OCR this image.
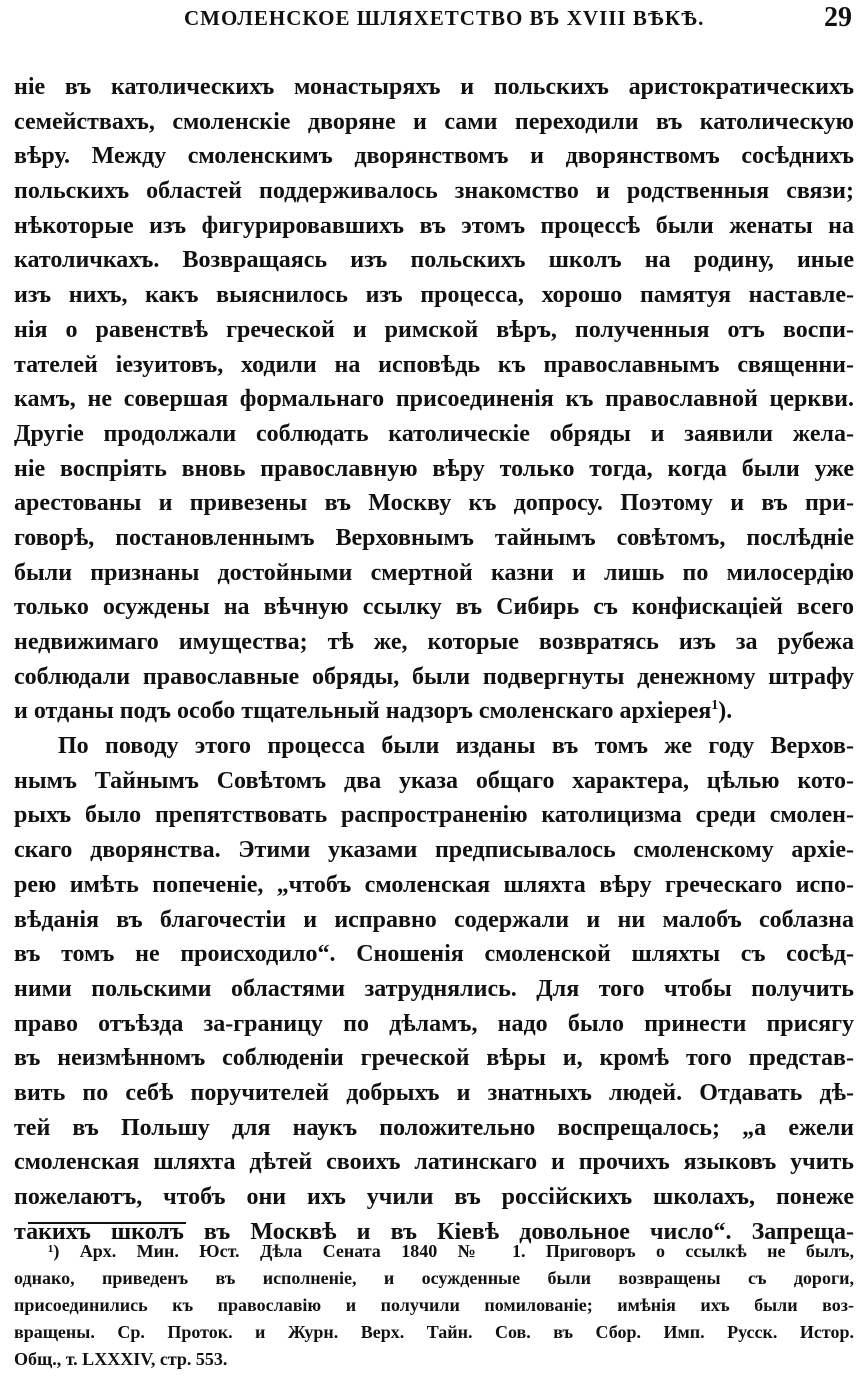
СМОЛЕНСКОЕ ШЛЯХЕТСТВО ВЪ XVIII ВѢКѢ.	29
ніе въ католическихъ монастыряхъ и польскихъ аристократическихъ
семействахъ, смоленскіе дворяне и сами переходили въ католическую
вѣру. Между смоленскимъ дворянствомъ и дворянствомъ сосѣднихъ
польскихъ областей поддерживалось знакомство и родственныя связи;
нѣкоторые изъ фигурировавшихъ въ этомъ процессѣ были женаты на
католичкахъ. Возвращаясь изъ польскихъ школъ на родину, иные
изъ нихъ, какъ выяснилось изъ процесса, хорошо памятуя наставле-
нія о равенствѣ греческой и римской вѣръ, полученныя отъ воспи-
тателей іезуитовъ, ходили на исповѣдь къ православнымъ священни-
камъ, не совершая формальнаго присоединенія къ православной церкви.
Другіе продолжали соблюдать католическіе обряды и заявили жела-
ніе воспріять вновь православную вѣру только тогда, когда были уже
арестованы и привезены въ Москву къ допросу. Поэтому и въ при-
говорѣ, постановленнымъ Верховнымъ тайнымъ совѣтомъ, послѣдніе
были признаны достойными смертной казни и лишь по милосердію
только осуждены на вѣчную ссылку въ Сибирь съ конфискаціей всего
недвижимаго имущества; тѣ же, которые возвратясь изъ за рубежа
соблюдали православные обряды, были подвергнуты денежному штрафу
и отданы подъ особо тщательный надзоръ смоленскаго архіерея$^1$).
По поводу этого процесса были изданы въ томъ же году Верхов-
нымъ Тайнымъ Совѣтомъ два указа общаго характера, цѣлью кото-
рыхъ было препятствовать распространенію католицизма среди смолен-
скаго дворянства. Этими указами предписывалось смоленскому архіе-
рею имѣть попеченіе, „чтобъ смоленская шляхта вѣру греческаго испо-
вѣданія въ благочестіи и исправно содержали и ни малобъ соблазна
въ томъ не происходило“. Сношенія смоленской шляхты съ сосѣд-
ними польскими областями затруднялись. Для того чтобы получить
право отъѣзда за-границу по дѣламъ, надо было принести присягу
въ неизмѣнномъ соблюденіи греческой вѣры и, кромѣ того представ-
вить по себѣ поручителей добрыхъ и знатныхъ людей. Отдавать дѣ-
тей въ Польшу для наукъ положительно воспрещалось; „а ежели
смоленская шляхта дѣтей своихъ латинскаго и прочихъ языковъ учить
пожелаютъ, чтобъ они ихъ учили въ россійскихъ школахъ, понеже
такихъ школъ въ Москвѣ и въ Кіевѣ довольное число“. Запреща-
¹) Арх. Мин. Юст. Дѣла Сената 1840 № 1. Приговоръ о ссылкѣ не былъ,
однако, приведенъ въ исполненіе, и осужденные были возвращены съ дороги,
присоединились къ православію и получили помилованіе; имѣнія ихъ были воз-
вращены. Ср. Проток. и Журн. Верх. Тайн. Сов. въ Сбор. Имп. Русск. Истор.
Общ., т. LXXXIV, стр. 553.
